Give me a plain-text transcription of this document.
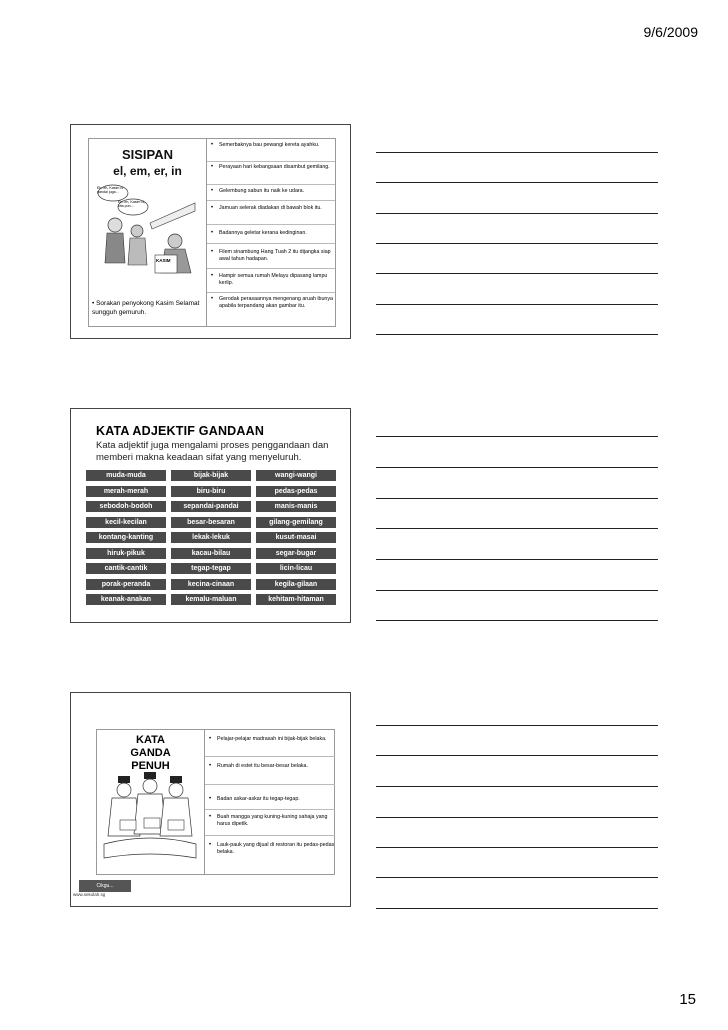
9/6/2009
SISIPAN
el, em, er, in
Eh..eh, Kasim ni pandai juga…
Eh..eh, Kasim ni, kita pun…
KASIM
• Sorakan penyokong Kasim Selamat sungguh gemuruh.
• Semerbaknya bau pewangi kereta ayahku.
• Perayaan hari kebangsaan disambut gemilang.
• Gelembung sabun itu naik ke udara.
• Jamuan selerak diadakan di bawah blok itu.
• Badannya geletar kerana kedinginan.
• Filem sinambung Hang Tuah 2 itu dijangka siap awal tahun hadapan.
• Hampir semua rumah Melayu dipasang lampu kerlip.
• Gerodak perasaannya mengenang aruah ibunya apabila terpandang akan gambar itu.
KATA ADJEKTIF GANDAAN
Kata adjektif juga mengalami proses penggandaan dan memberi makna keadaan sifat yang menyeluruh.
muda-muda	bijak-bijak	wangi-wangi
merah-merah	biru-biru	pedas-pedas
sebodoh-bodoh	sepandai-pandai	manis-manis
kecil-kecilan	besar-besaran	gilang-gemilang
kontang-kanting	lekak-lekuk	kusut-masai
hiruk-pikuk	kacau-bilau	segar-bugar
cantik-cantik	tegap-tegap	licin-licau
porak-peranda	kecina-cinaan	kegila-gilaan
keanak-anakan	kemalu-maluan	kehitam-hitaman
KATA GANDA PENUH
• Pelajar-pelajar madrasah ini bijak-bijak belaka.
• Rumah di estet itu besar-besar belaka.
• Badan askar-askar itu tegap-tegap.
• Buah mangga yang kuning-kuning sahaja yang harus dipetik.
• Lauk-pauk yang dijual di restoran itu pedas-pedas belaka.
Cikgu...
www.sekolah.sg
15
